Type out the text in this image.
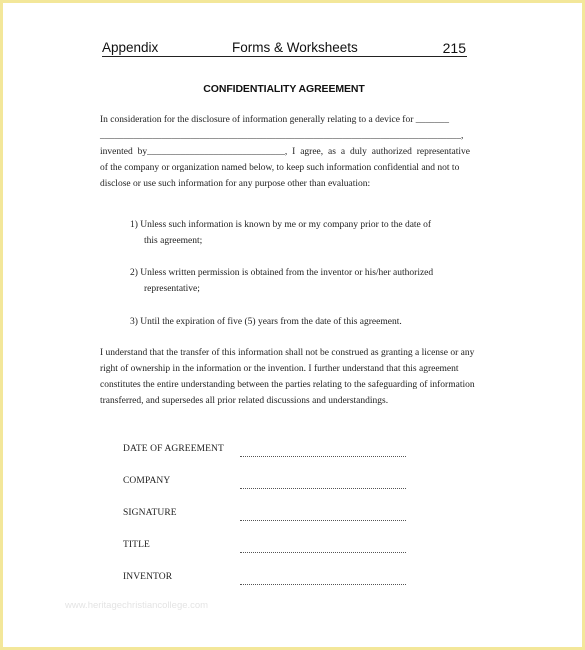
Appendix	Forms & Worksheets	215
CONFIDENTIALITY AGREEMENT
In consideration for the disclosure of information generally relating to a device for _______
____________________________________________________________________________,
invented by_____________________________, I agree, as a duly authorized representative
of the company or organization named below, to keep such information confidential and not to
disclose or use such information for any purpose other than evaluation:
1) Unless such information is known by me or my company prior to the date of
this agreement;
2) Unless written permission is obtained from the inventor or his/her authorized
representative;
3) Until the expiration of five (5) years from the date of this agreement.
I understand that the transfer of this information shall not be construed as granting a license or any
right of ownership in the information or the invention. I further understand that this agreement
constitutes the entire understanding between the parties relating to the safeguarding of information
transferred, and supersedes all prior related discussions and understandings.
DATE OF AGREEMENT
COMPANY
SIGNATURE
TITLE
INVENTOR
www.heritagechristiancollege.com
